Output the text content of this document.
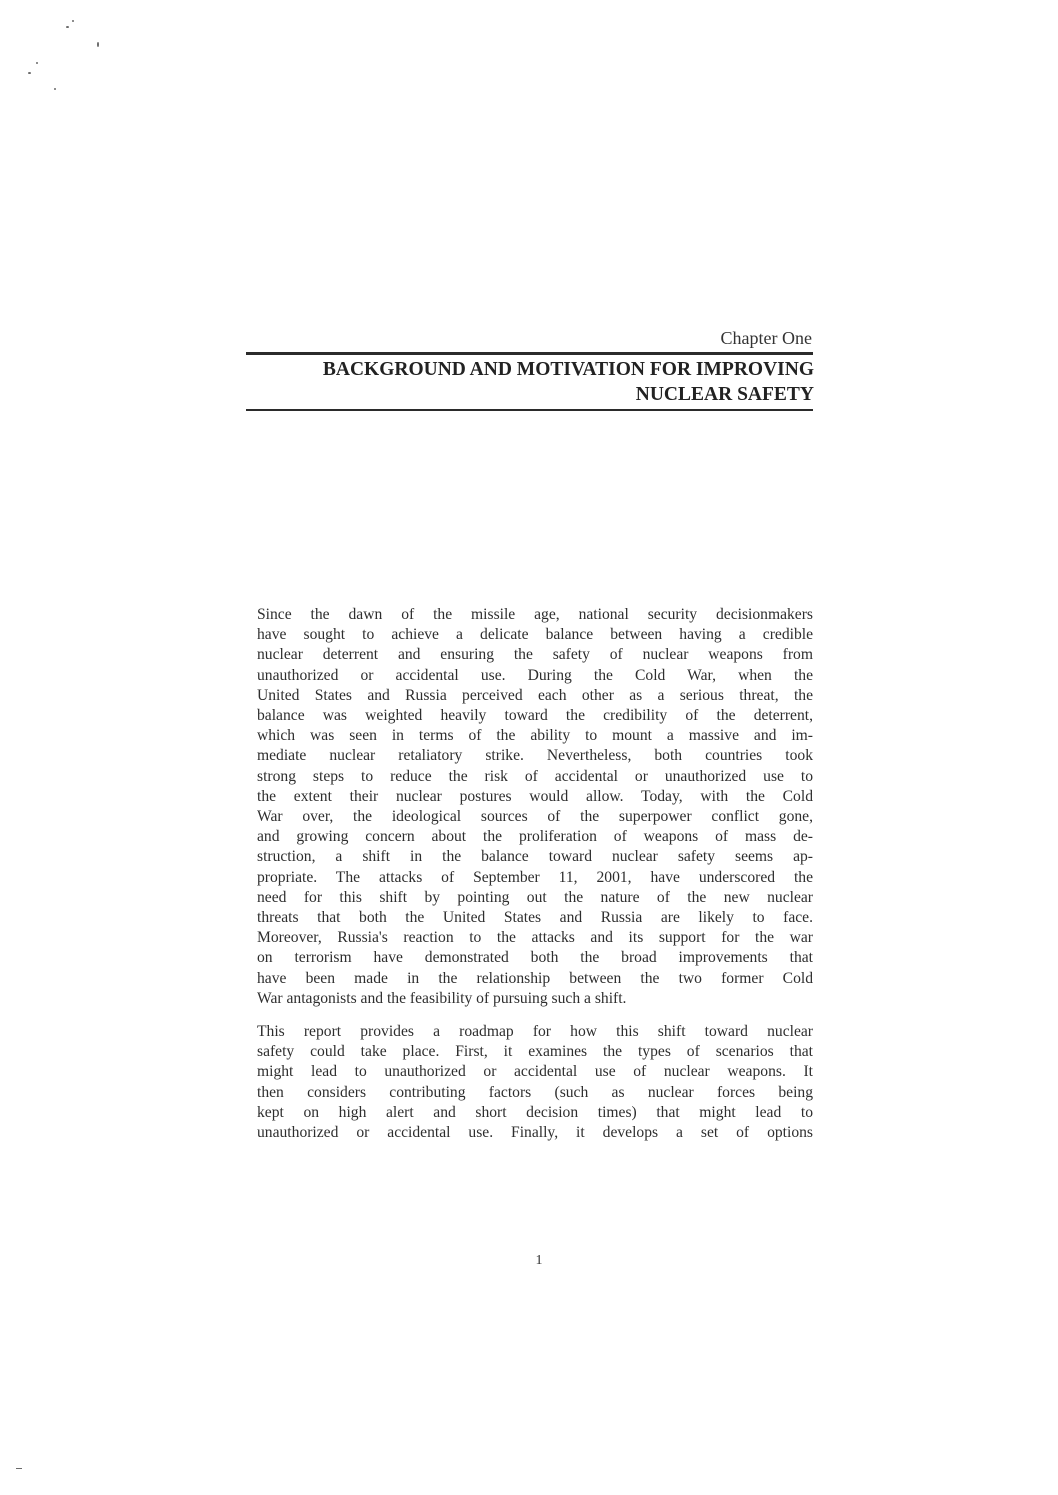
Chapter One
BACKGROUND AND MOTIVATION FOR IMPROVING
NUCLEAR SAFETY

Since the dawn of the missile age, national security decisionmakers
have sought to achieve a delicate balance between having a credible
nuclear deterrent and ensuring the safety of nuclear weapons from
unauthorized or accidental use. During the Cold War, when the
United States and Russia perceived each other as a serious threat, the
balance was weighted heavily toward the credibility of the deterrent,
which was seen in terms of the ability to mount a massive and im-
mediate nuclear retaliatory strike. Nevertheless, both countries took
strong steps to reduce the risk of accidental or unauthorized use to
the extent their nuclear postures would allow. Today, with the Cold
War over, the ideological sources of the superpower conflict gone,
and growing concern about the proliferation of weapons of mass de-
struction, a shift in the balance toward nuclear safety seems ap-
propriate. The attacks of September 11, 2001, have underscored the
need for this shift by pointing out the nature of the new nuclear
threats that both the United States and Russia are likely to face.
Moreover, Russia's reaction to the attacks and its support for the war
on terrorism have demonstrated both the broad improvements that
have been made in the relationship between the two former Cold
War antagonists and the feasibility of pursuing such a shift.

This report provides a roadmap for how this shift toward nuclear
safety could take place. First, it examines the types of scenarios that
might lead to unauthorized or accidental use of nuclear weapons. It
then considers contributing factors (such as nuclear forces being
kept on high alert and short decision times) that might lead to
unauthorized or accidental use. Finally, it develops a set of options

1
